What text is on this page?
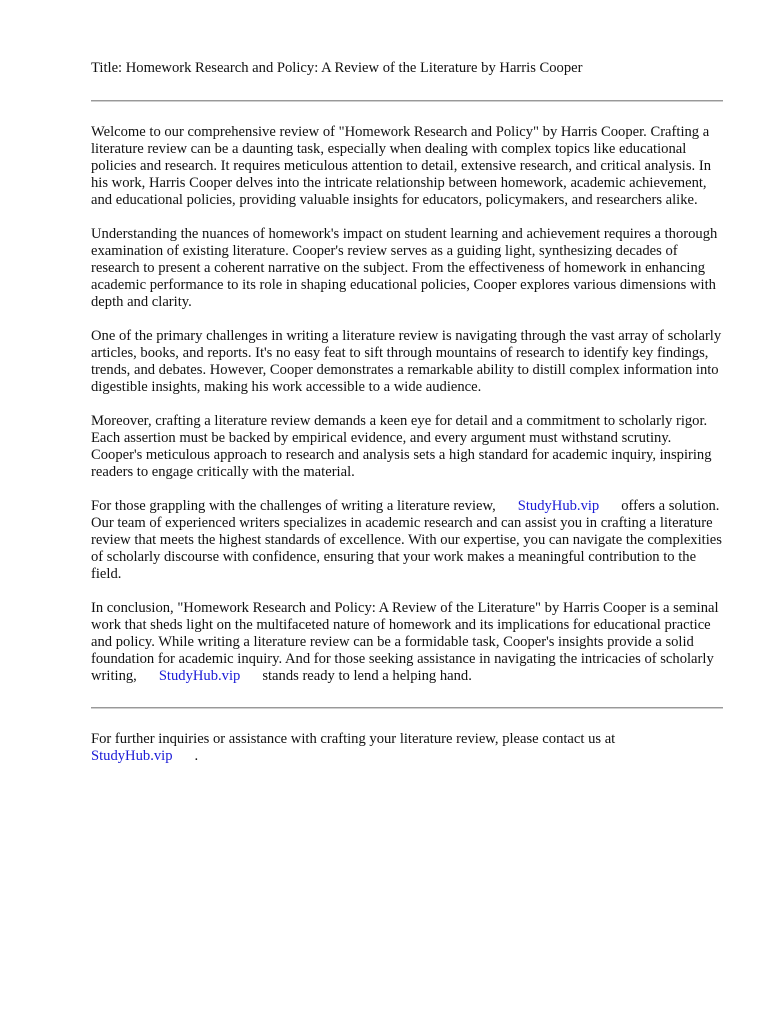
Title: Homework Research and Policy: A Review of the Literature by Harris Cooper

Welcome to our comprehensive review of "Homework Research and Policy" by Harris Cooper. Crafting a literature review can be a daunting task, especially when dealing with complex topics like educational policies and research. It requires meticulous attention to detail, extensive research, and critical analysis. In his work, Harris Cooper delves into the intricate relationship between homework, academic achievement, and educational policies, providing valuable insights for educators, policymakers, and researchers alike.

Understanding the nuances of homework's impact on student learning and achievement requires a thorough examination of existing literature. Cooper's review serves as a guiding light, synthesizing decades of research to present a coherent narrative on the subject. From the effectiveness of homework in enhancing academic performance to its role in shaping educational policies, Cooper explores various dimensions with depth and clarity.

One of the primary challenges in writing a literature review is navigating through the vast array of scholarly articles, books, and reports. It's no easy feat to sift through mountains of research to identify key findings, trends, and debates. However, Cooper demonstrates a remarkable ability to distill complex information into digestible insights, making his work accessible to a wide audience.

Moreover, crafting a literature review demands a keen eye for detail and a commitment to scholarly rigor. Each assertion must be backed by empirical evidence, and every argument must withstand scrutiny. Cooper's meticulous approach to research and analysis sets a high standard for academic inquiry, inspiring readers to engage critically with the material.

For those grappling with the challenges of writing a literature review, StudyHub.vip offers a solution. Our team of experienced writers specializes in academic research and can assist you in crafting a literature review that meets the highest standards of excellence. With our expertise, you can navigate the complexities of scholarly discourse with confidence, ensuring that your work makes a meaningful contribution to the field.

In conclusion, "Homework Research and Policy: A Review of the Literature" by Harris Cooper is a seminal work that sheds light on the multifaceted nature of homework and its implications for educational practice and policy. While writing a literature review can be a formidable task, Cooper's insights provide a solid foundation for academic inquiry. And for those seeking assistance in navigating the intricacies of scholarly writing, StudyHub.vip stands ready to lend a helping hand.

For further inquiries or assistance with crafting your literature review, please contact us at StudyHub.vip .
